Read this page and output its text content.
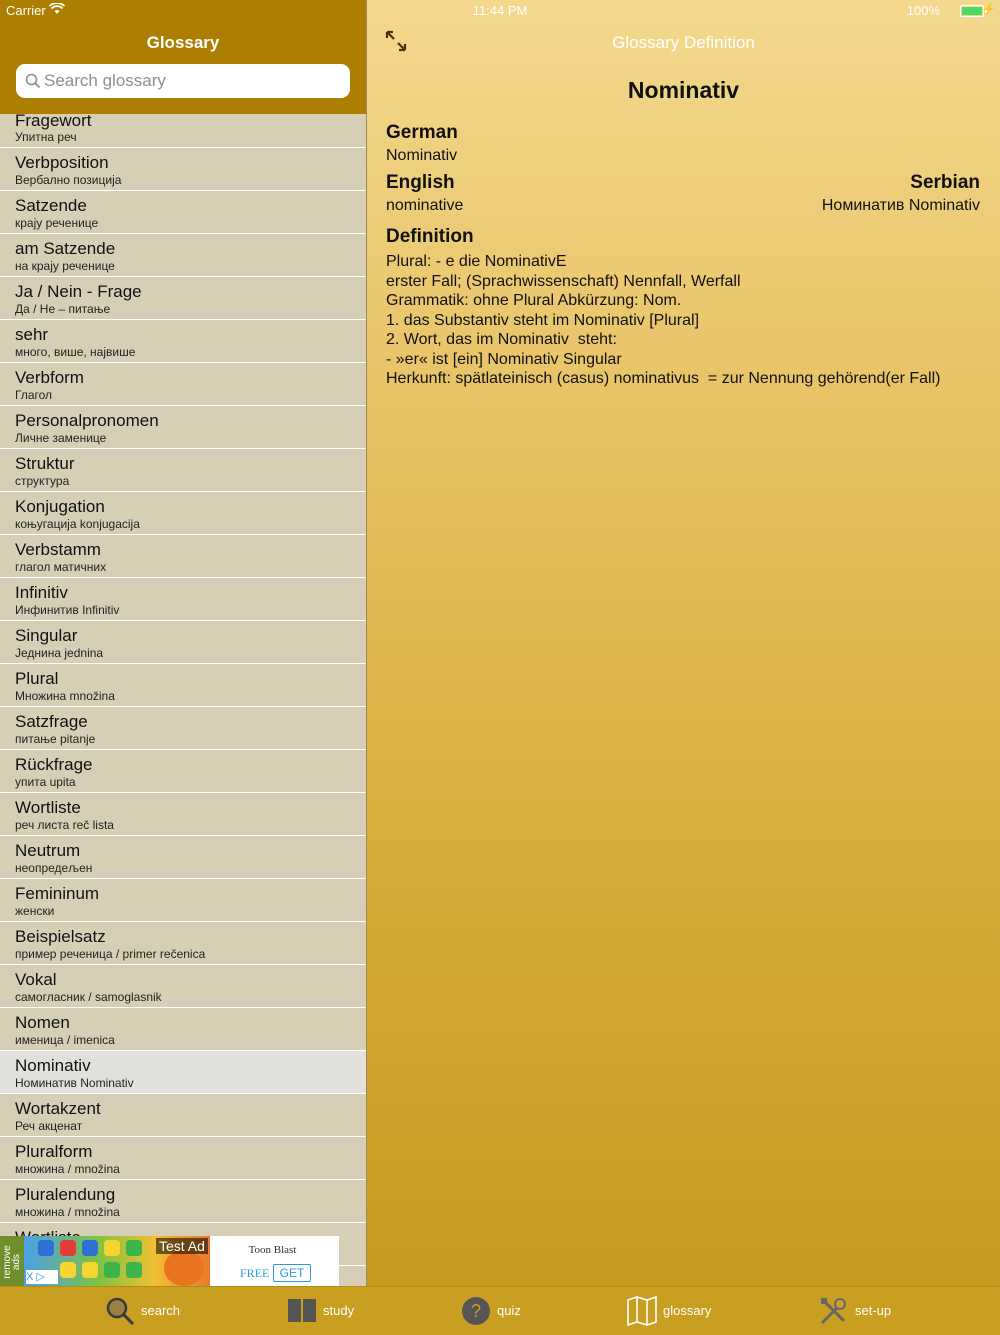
Carrier	11:44 PM	100%	⚡
Glossary
Search glossary
Fragewort
Упитна реч
Verbposition
Вербално позиција
Satzende
крају реченице
am Satzende
на крају реченице
Ja / Nein - Frage
Да / Не – питање
sehr
много, више, највише
Verbform
Глагол
Personalpronomen
Личне заменице
Struktur
структура
Konjugation
коњугација konjugacija
Verbstamm
глагол матичних
Infinitiv
Инфинитив Infinitiv
Singular
Једнина jednina
Plural
Множина množina
Satzfrage
питање pitanje
Rückfrage
упита upita
Wortliste
реч листа reč lista
Neutrum
неопредељен
Femininum
женски
Beispielsatz
пример реченица / primer rečenica
Vokal
самогласник / samoglasnik
Nomen
именица / imenica
Nominativ
Номинатив Nominativ
Wortakzent
Реч акценат
Pluralform
множина / množina
Pluralendung
множина / množina
remove ads
Test Ad
X ▷
Toon Blast
FREE GET
Glossary Definition
Nominativ
German
Nominativ
English
nominative
Serbian
Номинатив Nominativ
Definition
Plural: - e die NominativE
erster Fall; (Sprachwissenschaft) Nennfall, Werfall
Grammatik: ohne Plural Abkürzung: Nom.
1. das Substantiv steht im Nominativ [Plural]
2. Wort, das im Nominativ  steht:
- »er« ist [ein] Nominativ Singular
Herkunft: spätlateinisch (casus) nominativus  = zur Nennung gehörend(er Fall)
search	study	? quiz	glossary	set-up
